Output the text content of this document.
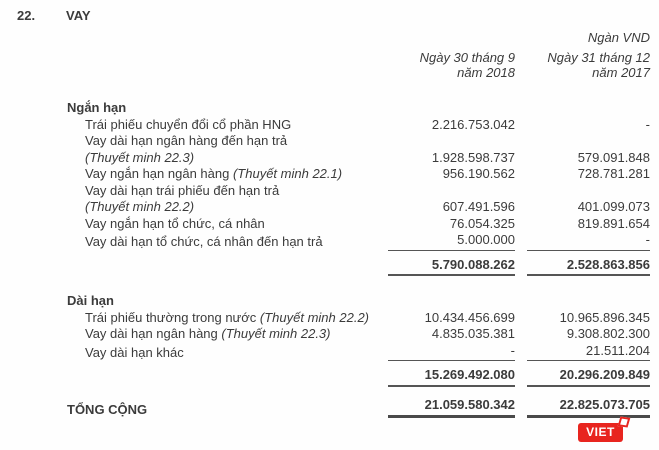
22. VAY
Ngàn VND
Ngày 30 tháng 9
năm 2018
Ngày 31 tháng 12
năm 2017
Ngắn hạn
Trái phiếu chuyển đổi cổ phần HNG	2.216.753.042	-
Vay dài hạn ngân hàng đến hạn trả
(Thuyết minh 22.3)	1.928.598.737	579.091.848
Vay ngắn hạn ngân hàng (Thuyết minh 22.1)	956.190.562	728.781.281
Vay dài hạn trái phiếu đến hạn trả
(Thuyết minh 22.2)	607.491.596	401.099.073
Vay ngắn hạn tổ chức, cá nhân	76.054.325	819.891.654
Vay dài hạn tổ chức, cá nhân đến hạn trả	5.000.000	-
5.790.088.262	2.528.863.856
Dài hạn
Trái phiếu thường trong nước (Thuyết minh 22.2)	10.434.456.699	10.965.896.345
Vay dài hạn ngân hàng (Thuyết minh 22.3)	4.835.035.381	9.308.802.300
Vay dài hạn khác	-	21.511.204
15.269.492.080	20.296.209.849
TỔNG CỘNG	21.059.580.342	22.825.073.705
VIET
